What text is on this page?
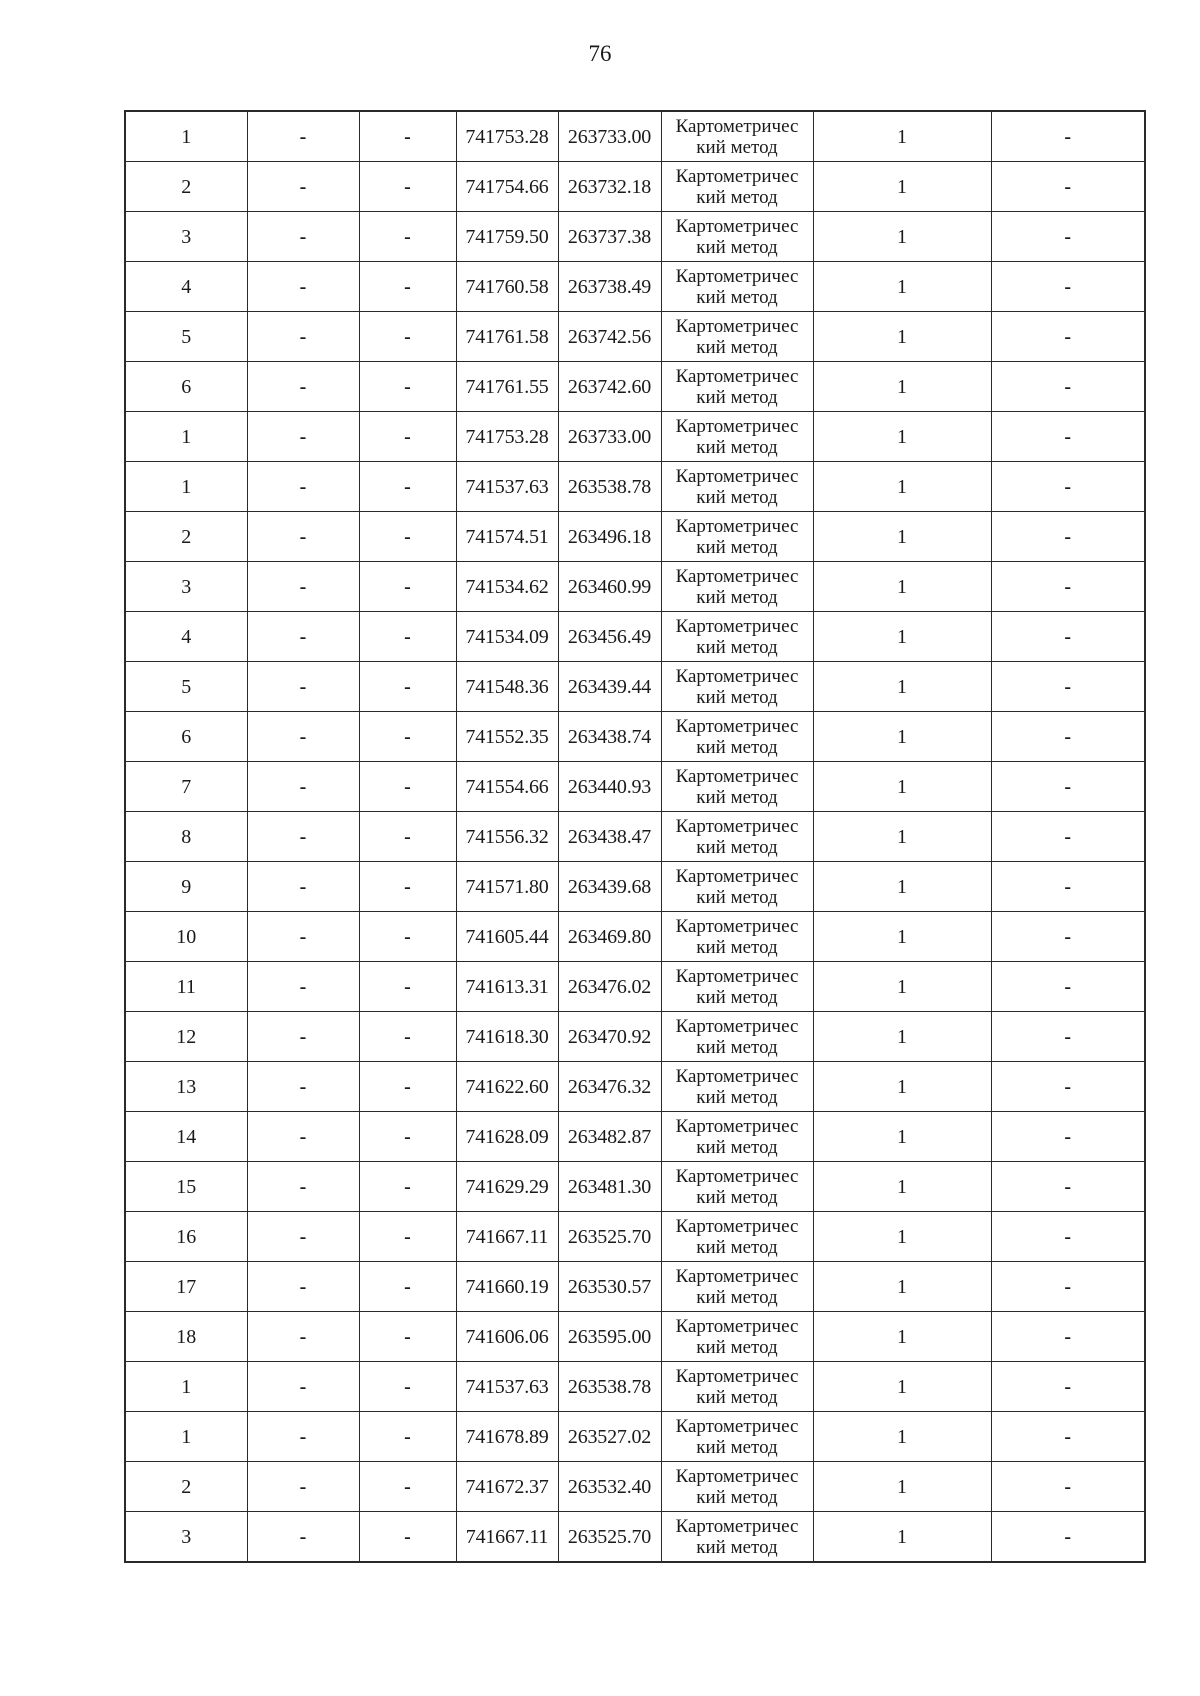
76
1	-	-	741753.28	263733.00	Картометричес
кий метод	1	-
2	-	-	741754.66	263732.18	Картометричес
кий метод	1	-
3	-	-	741759.50	263737.38	Картометричес
кий метод	1	-
4	-	-	741760.58	263738.49	Картометричес
кий метод	1	-
5	-	-	741761.58	263742.56	Картометричес
кий метод	1	-
6	-	-	741761.55	263742.60	Картометричес
кий метод	1	-
1	-	-	741753.28	263733.00	Картометричес
кий метод	1	-
1	-	-	741537.63	263538.78	Картометричес
кий метод	1	-
2	-	-	741574.51	263496.18	Картометричес
кий метод	1	-
3	-	-	741534.62	263460.99	Картометричес
кий метод	1	-
4	-	-	741534.09	263456.49	Картометричес
кий метод	1	-
5	-	-	741548.36	263439.44	Картометричес
кий метод	1	-
6	-	-	741552.35	263438.74	Картометричес
кий метод	1	-
7	-	-	741554.66	263440.93	Картометричес
кий метод	1	-
8	-	-	741556.32	263438.47	Картометричес
кий метод	1	-
9	-	-	741571.80	263439.68	Картометричес
кий метод	1	-
10	-	-	741605.44	263469.80	Картометричес
кий метод	1	-
11	-	-	741613.31	263476.02	Картометричес
кий метод	1	-
12	-	-	741618.30	263470.92	Картометричес
кий метод	1	-
13	-	-	741622.60	263476.32	Картометричес
кий метод	1	-
14	-	-	741628.09	263482.87	Картометричес
кий метод	1	-
15	-	-	741629.29	263481.30	Картометричес
кий метод	1	-
16	-	-	741667.11	263525.70	Картометричес
кий метод	1	-
17	-	-	741660.19	263530.57	Картометричес
кий метод	1	-
18	-	-	741606.06	263595.00	Картометричес
кий метод	1	-
1	-	-	741537.63	263538.78	Картометричес
кий метод	1	-
1	-	-	741678.89	263527.02	Картометричес
кий метод	1	-
2	-	-	741672.37	263532.40	Картометричес
кий метод	1	-
3	-	-	741667.11	263525.70	Картометричес
кий метод	1	-
